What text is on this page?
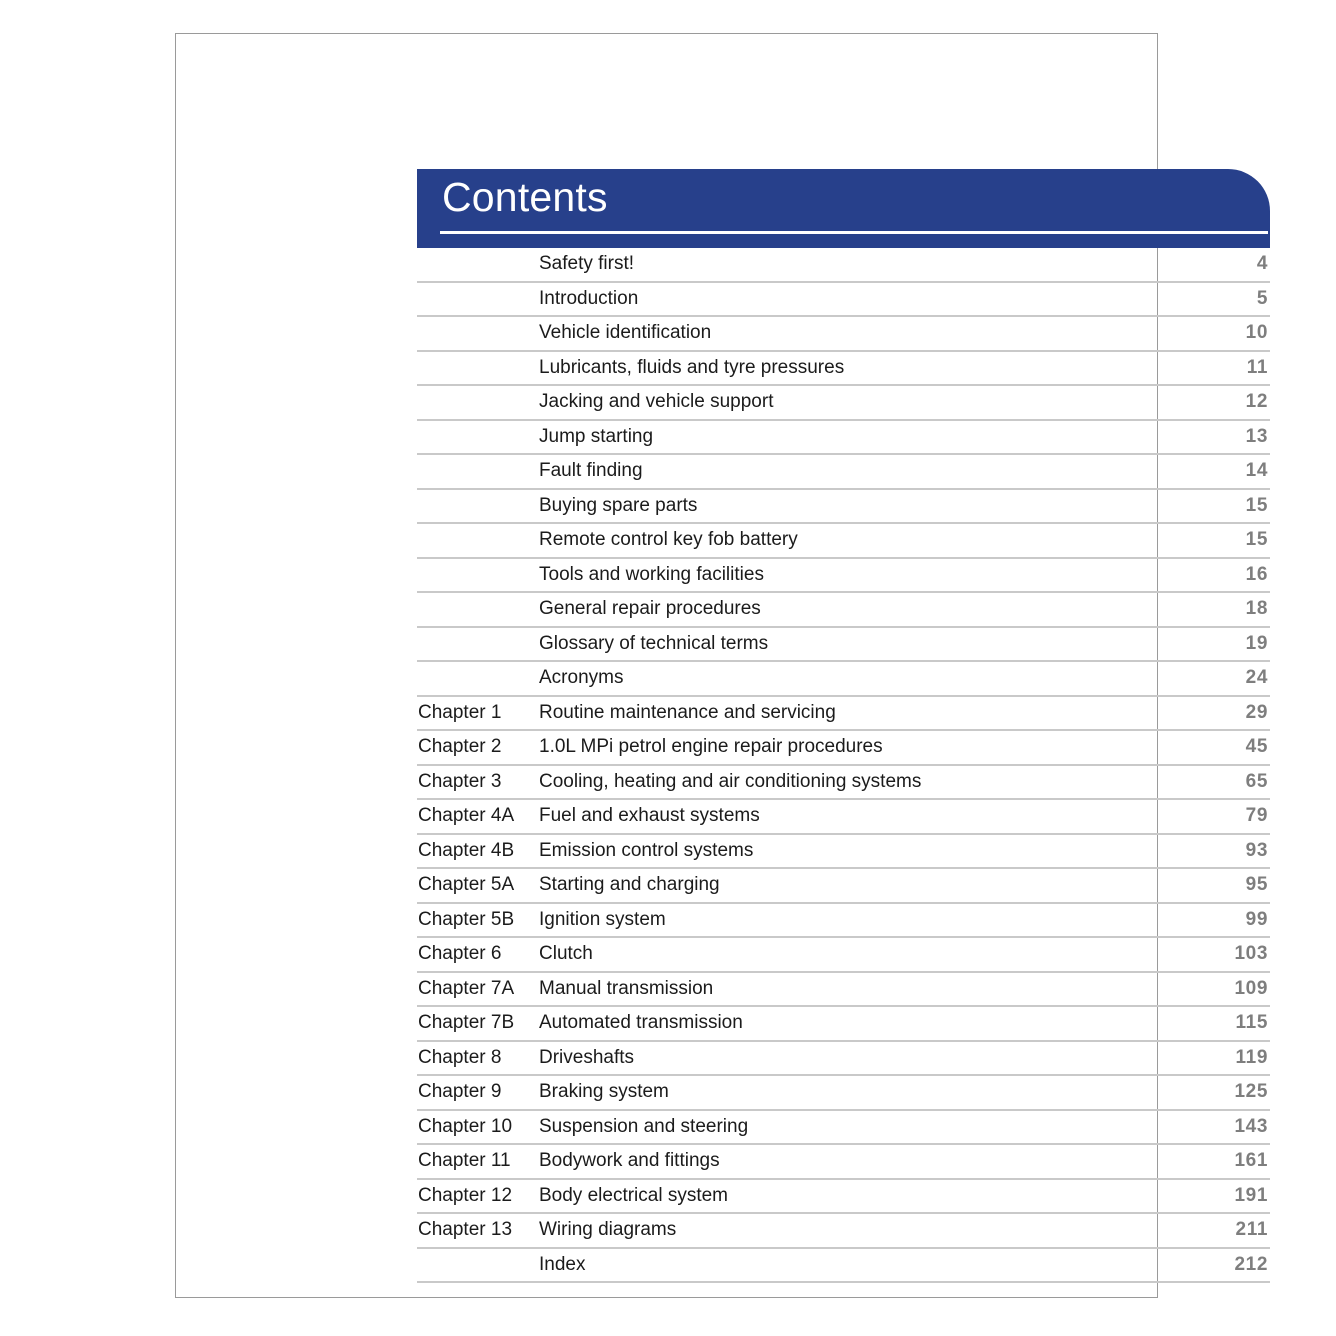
Contents
	Safety first!	4
	Introduction	5
	Vehicle identification	10
	Lubricants, fluids and tyre pressures	11
	Jacking and vehicle support	12
	Jump starting	13
	Fault finding	14
	Buying spare parts	15
	Remote control key fob battery	15
	Tools and working facilities	16
	General repair procedures	18
	Glossary of technical terms	19
	Acronyms	24
Chapter 1	Routine maintenance and servicing	29
Chapter 2	1.0L MPi petrol engine repair procedures	45
Chapter 3	Cooling, heating and air conditioning systems	65
Chapter 4A	Fuel and exhaust systems	79
Chapter 4B	Emission control systems	93
Chapter 5A	Starting and charging	95
Chapter 5B	Ignition system	99
Chapter 6	Clutch	103
Chapter 7A	Manual transmission	109
Chapter 7B	Automated transmission	115
Chapter 8	Driveshafts	119
Chapter 9	Braking system	125
Chapter 10	Suspension and steering	143
Chapter 11	Bodywork and fittings	161
Chapter 12	Body electrical system	191
Chapter 13	Wiring diagrams	211
	Index	212
